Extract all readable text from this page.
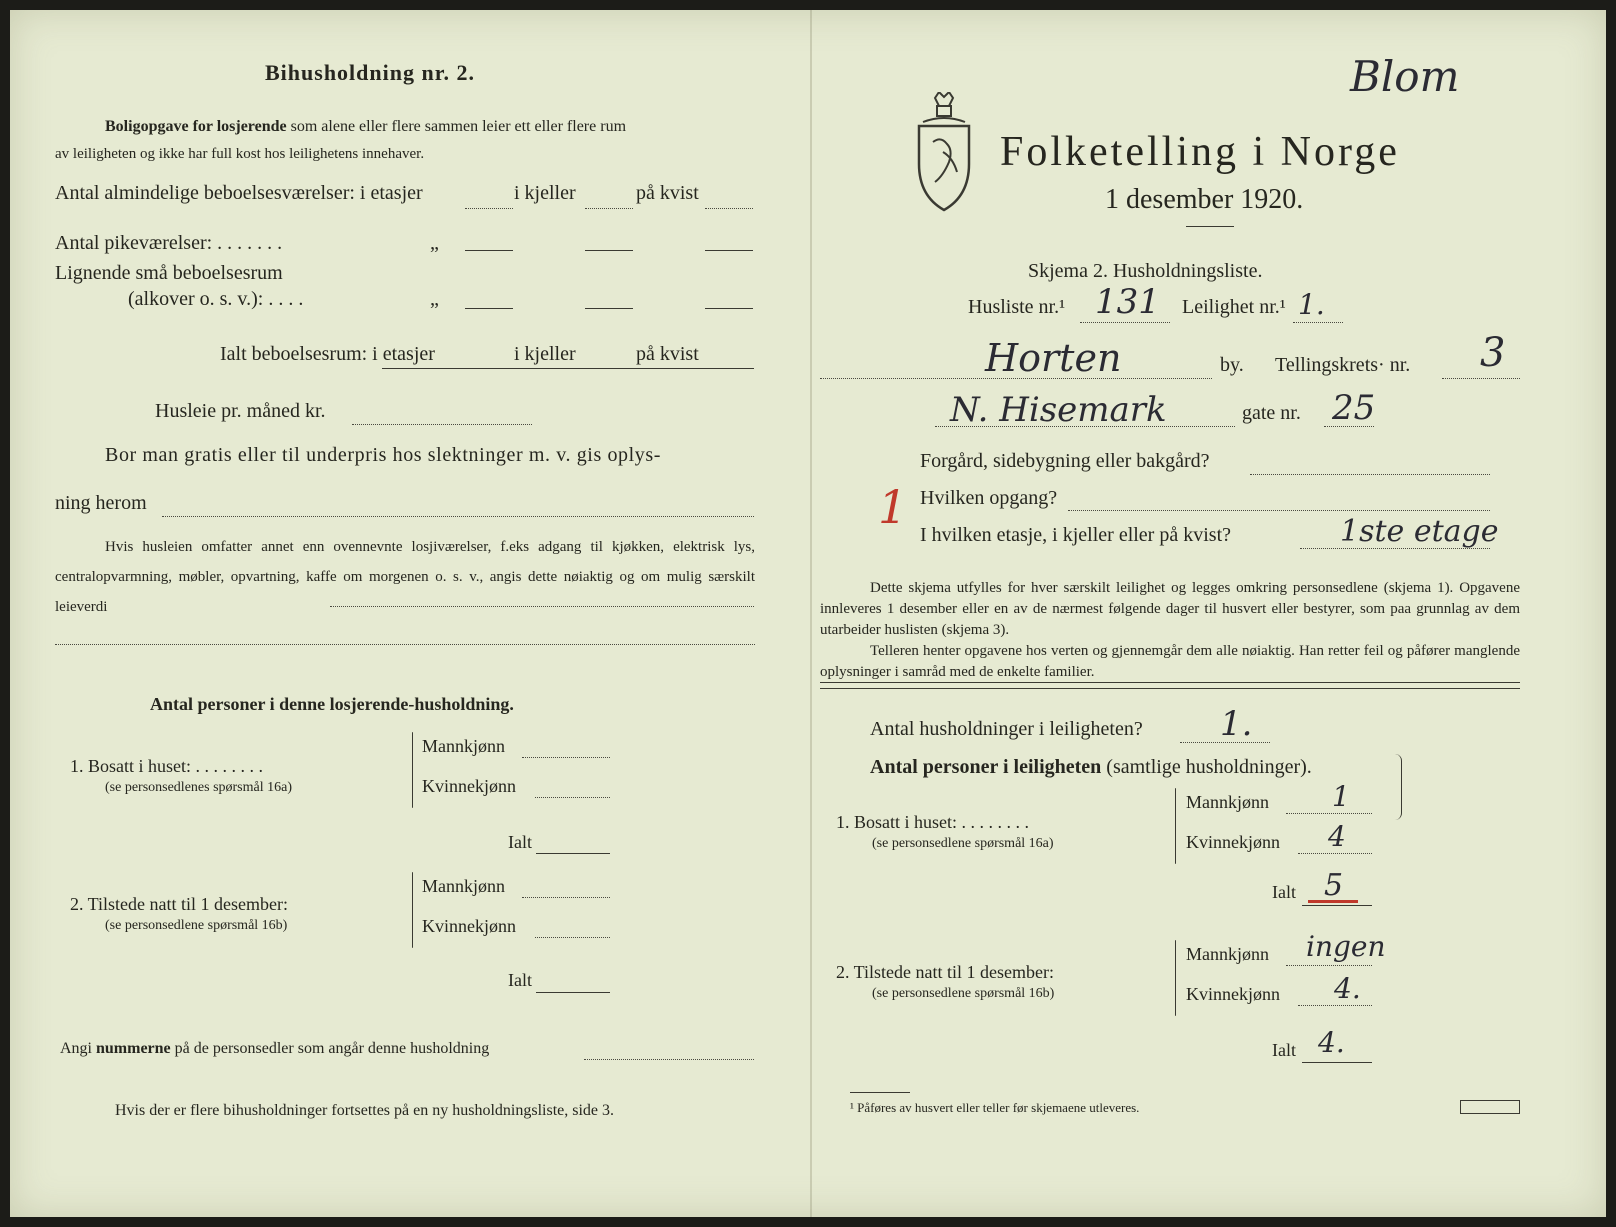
Bihusholdning nr. 2.
Boligopgave for losjerende som alene eller flere sammen leier ett eller flere rum
av leiligheten og ikke har full kost hos leilighetens innehaver.
Antal almindelige beboelsesværelser: i etasjer	i kjeller	på kvist
Antal pikeværelser: . . . . . . .	„
Lignende små beboelsesrum
(alkover o. s. v.): . . . .	„
Ialt beboelsesrum: i etasjer	i kjeller	på kvist
Husleie pr. måned kr.
Bor man gratis eller til underpris hos slektninger m. v. gis oplys-
ning herom
Hvis husleien omfatter annet enn ovennevnte losjiværelser, f.eks adgang til kjøkken, elektrisk lys, centralopvarmning, møbler, opvartning, kaffe om morgenen o. s. v., angis dette nøiaktig og om mulig særskilt leieverdi
Antal personer i denne losjerende-husholdning.
1. Bosatt i huset: . . . . . . . .
(se personsedlenes spørsmål 16a)
Mannkjønn
Kvinnekjønn
Ialt
2. Tilstede natt til 1 desember:
(se personsedlene spørsmål 16b)
Mannkjønn
Kvinnekjønn
Ialt
Angi nummerne på de personsedler som angår denne husholdning
Hvis der er flere bihusholdninger fortsettes på en ny husholdningsliste, side 3.
Folketelling i Norge
1 desember 1920.
Blom
Skjema 2. Husholdningsliste.
Husliste nr.¹ 131 Leilighet nr.¹ 1.
Horten	by. Tellingskrets· nr. 3
N. Hisemark	gate nr. 25
Forgård, sidebygning eller bakgård?
1 Hvilken opgang?
I hvilken etasje, i kjeller eller på kvist?	1ste etage
Dette skjema utfylles for hver særskilt leilighet og legges omkring personsedlene (skjema 1). Opgavene innleveres 1 desember eller en av de nærmest følgende dager til husvert eller bestyrer, som paa grunnlag av dem utarbeider huslisten (skjema 3).
Telleren henter opgavene hos verten og gjennemgår dem alle nøiaktig. Han retter feil og påfører manglende oplysninger i samråd med de enkelte familier.
Antal husholdninger i leiligheten? 1.
Antal personer i leiligheten (samtlige husholdninger).
1. Bosatt i huset: . . . . . . . .
(se personsedlene spørsmål 16a)
Mannkjønn 1
Kvinnekjønn 4
Ialt 5
2. Tilstede natt til 1 desember:
(se personsedlene spørsmål 16b)
Mannkjønn ingen
Kvinnekjønn 4.
Ialt 4.
¹ Påføres av husvert eller teller før skjemaene utleveres.
